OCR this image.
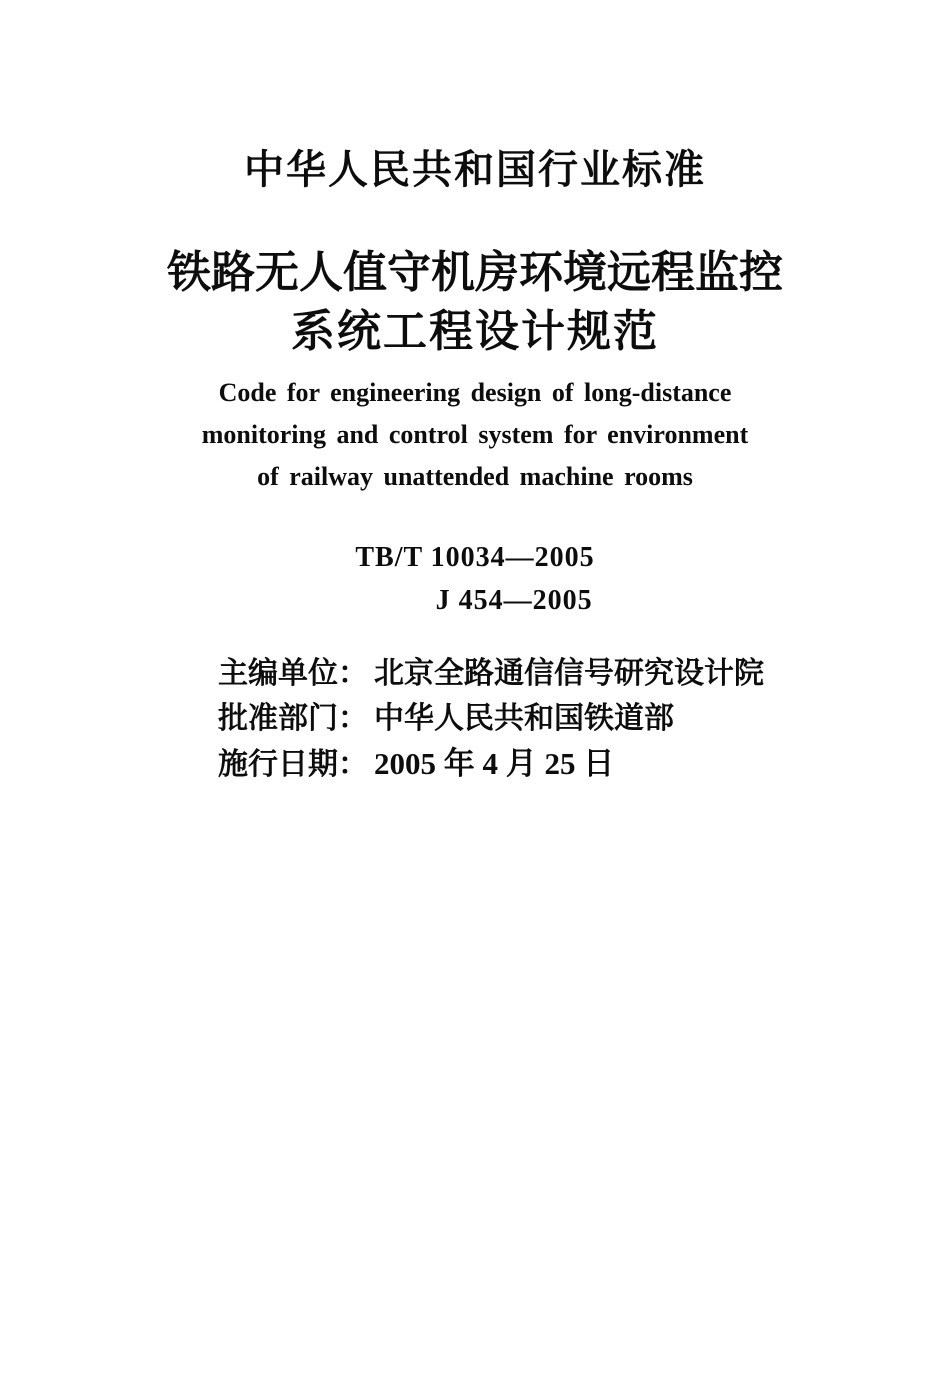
中华人民共和国行业标准
铁路无人值守机房环境远程监控
系统工程设计规范
Code for engineering design of long-distance
monitoring and control system for environment
of railway unattended machine rooms
TB/T 10034—2005
J 454—2005
主编单位： 北京全路通信信号研究设计院
批准部门： 中华人民共和国铁道部
施行日期： 2005 年 4 月 25 日
